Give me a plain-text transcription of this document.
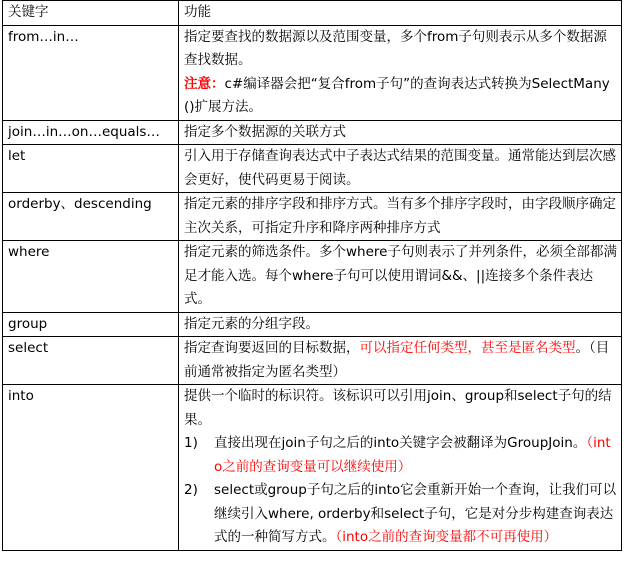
关键字	功能
from…in…	指定要查找的数据源以及范围变量，多个from子句则表示从多个数据源查找数据。
注意：c#编译器会把“复合from子句”的查询表达式转换为SelectMany()扩展方法。

join…in…on…equals…	指定多个数据源的关联方式
let	引入用于存储查询表达式中子表达式结果的范围变量。通常能达到层次感会更好，使代码更易于阅读。
orderby、descending	指定元素的排序字段和排序方式。当有多个排序字段时，由字段顺序确定主次关系，可指定升序和降序两种排序方式
where	指定元素的筛选条件。多个where子句则表示了并列条件，必须全部都满足才能入选。每个where子句可以使用谓词&&、||连接多个条件表达式。
group	指定元素的分组字段。
select	指定查询要返回的目标数据，可以指定任何类型，甚至是匿名类型。（目前通常被指定为匿名类型）
into	提供一个临时的标识符。该标识可以引用join、group和select子句的结果。
1) 直接出现在join子句之后的into关键字会被翻译为GroupJoin。（into之前的查询变量可以继续使用）
2) select或group子句之后的into它会重新开始一个查询，让我们可以继续引入where, orderby和select子句，它是对分步构建查询表达式的一种简写方式。（into之前的查询变量都不可再使用）
